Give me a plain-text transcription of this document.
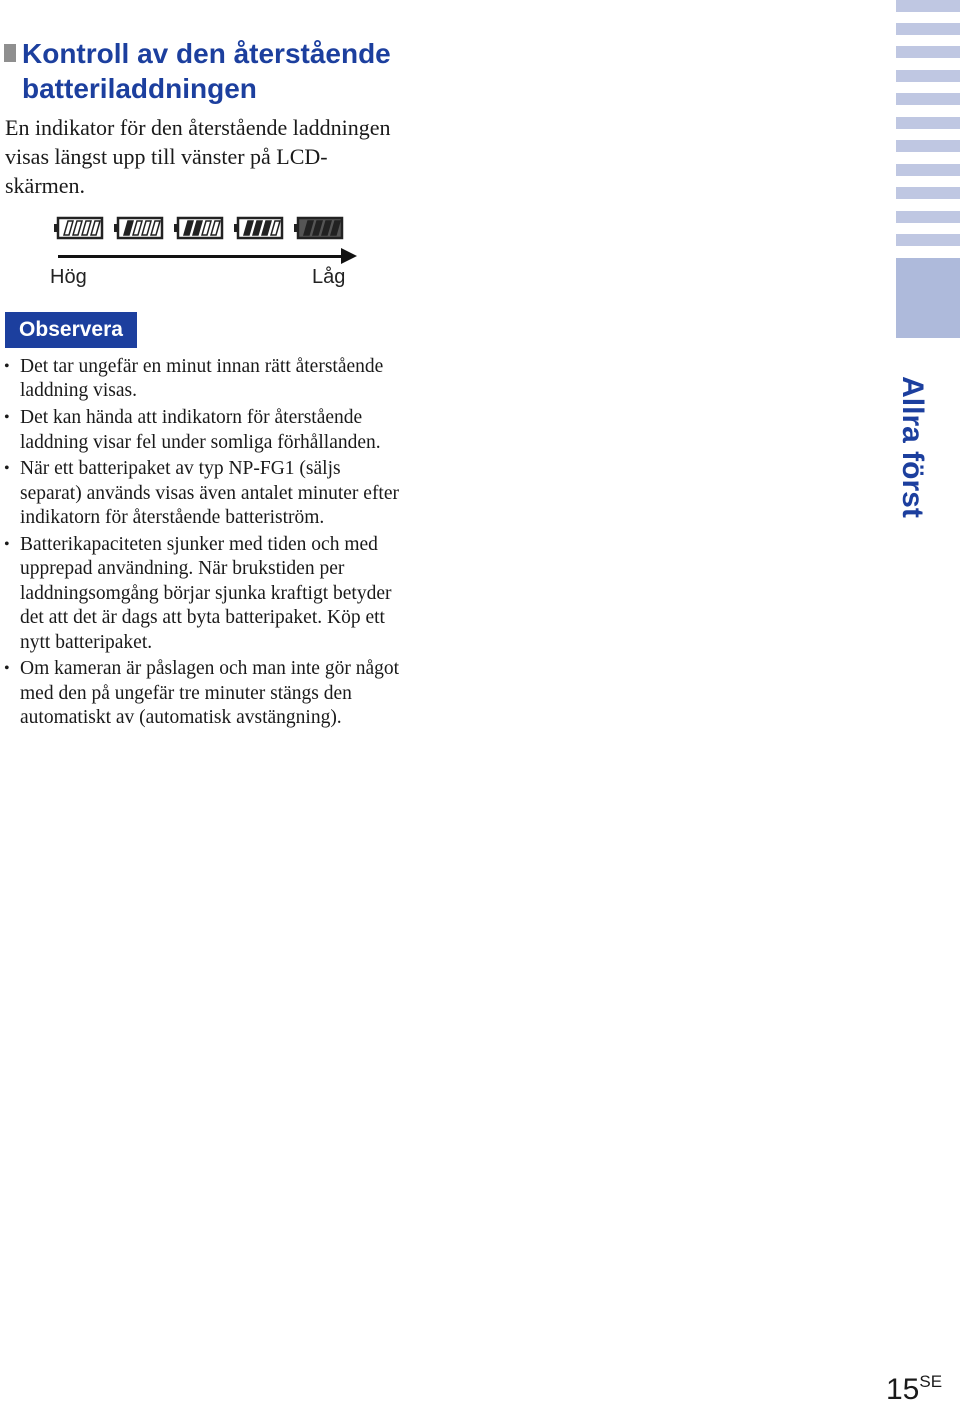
Kontroll av den återstående batteriladdningen

En indikator för den återstående laddningen visas längst upp till vänster på LCD-skärmen.

Hög	Låg
Observera
• Det tar ungefär en minut innan rätt återstående laddning visas.
• Det kan hända att indikatorn för återstående laddning visar fel under somliga förhållanden.
• När ett batteripaket av typ NP-FG1 (säljs separat) används visas även antalet minuter efter indikatorn för återstående batteriström.
• Batterikapaciteten sjunker med tiden och med upprepad användning. När brukstiden per laddningsomgång börjar sjunka kraftigt betyder det att det är dags att byta batteripaket. Köp ett nytt batteripaket.
• Om kameran är påslagen och man inte gör något med den på ungefär tre minuter stängs den automatiskt av (automatisk avstängning).
Allra först
$15^{SE}$
